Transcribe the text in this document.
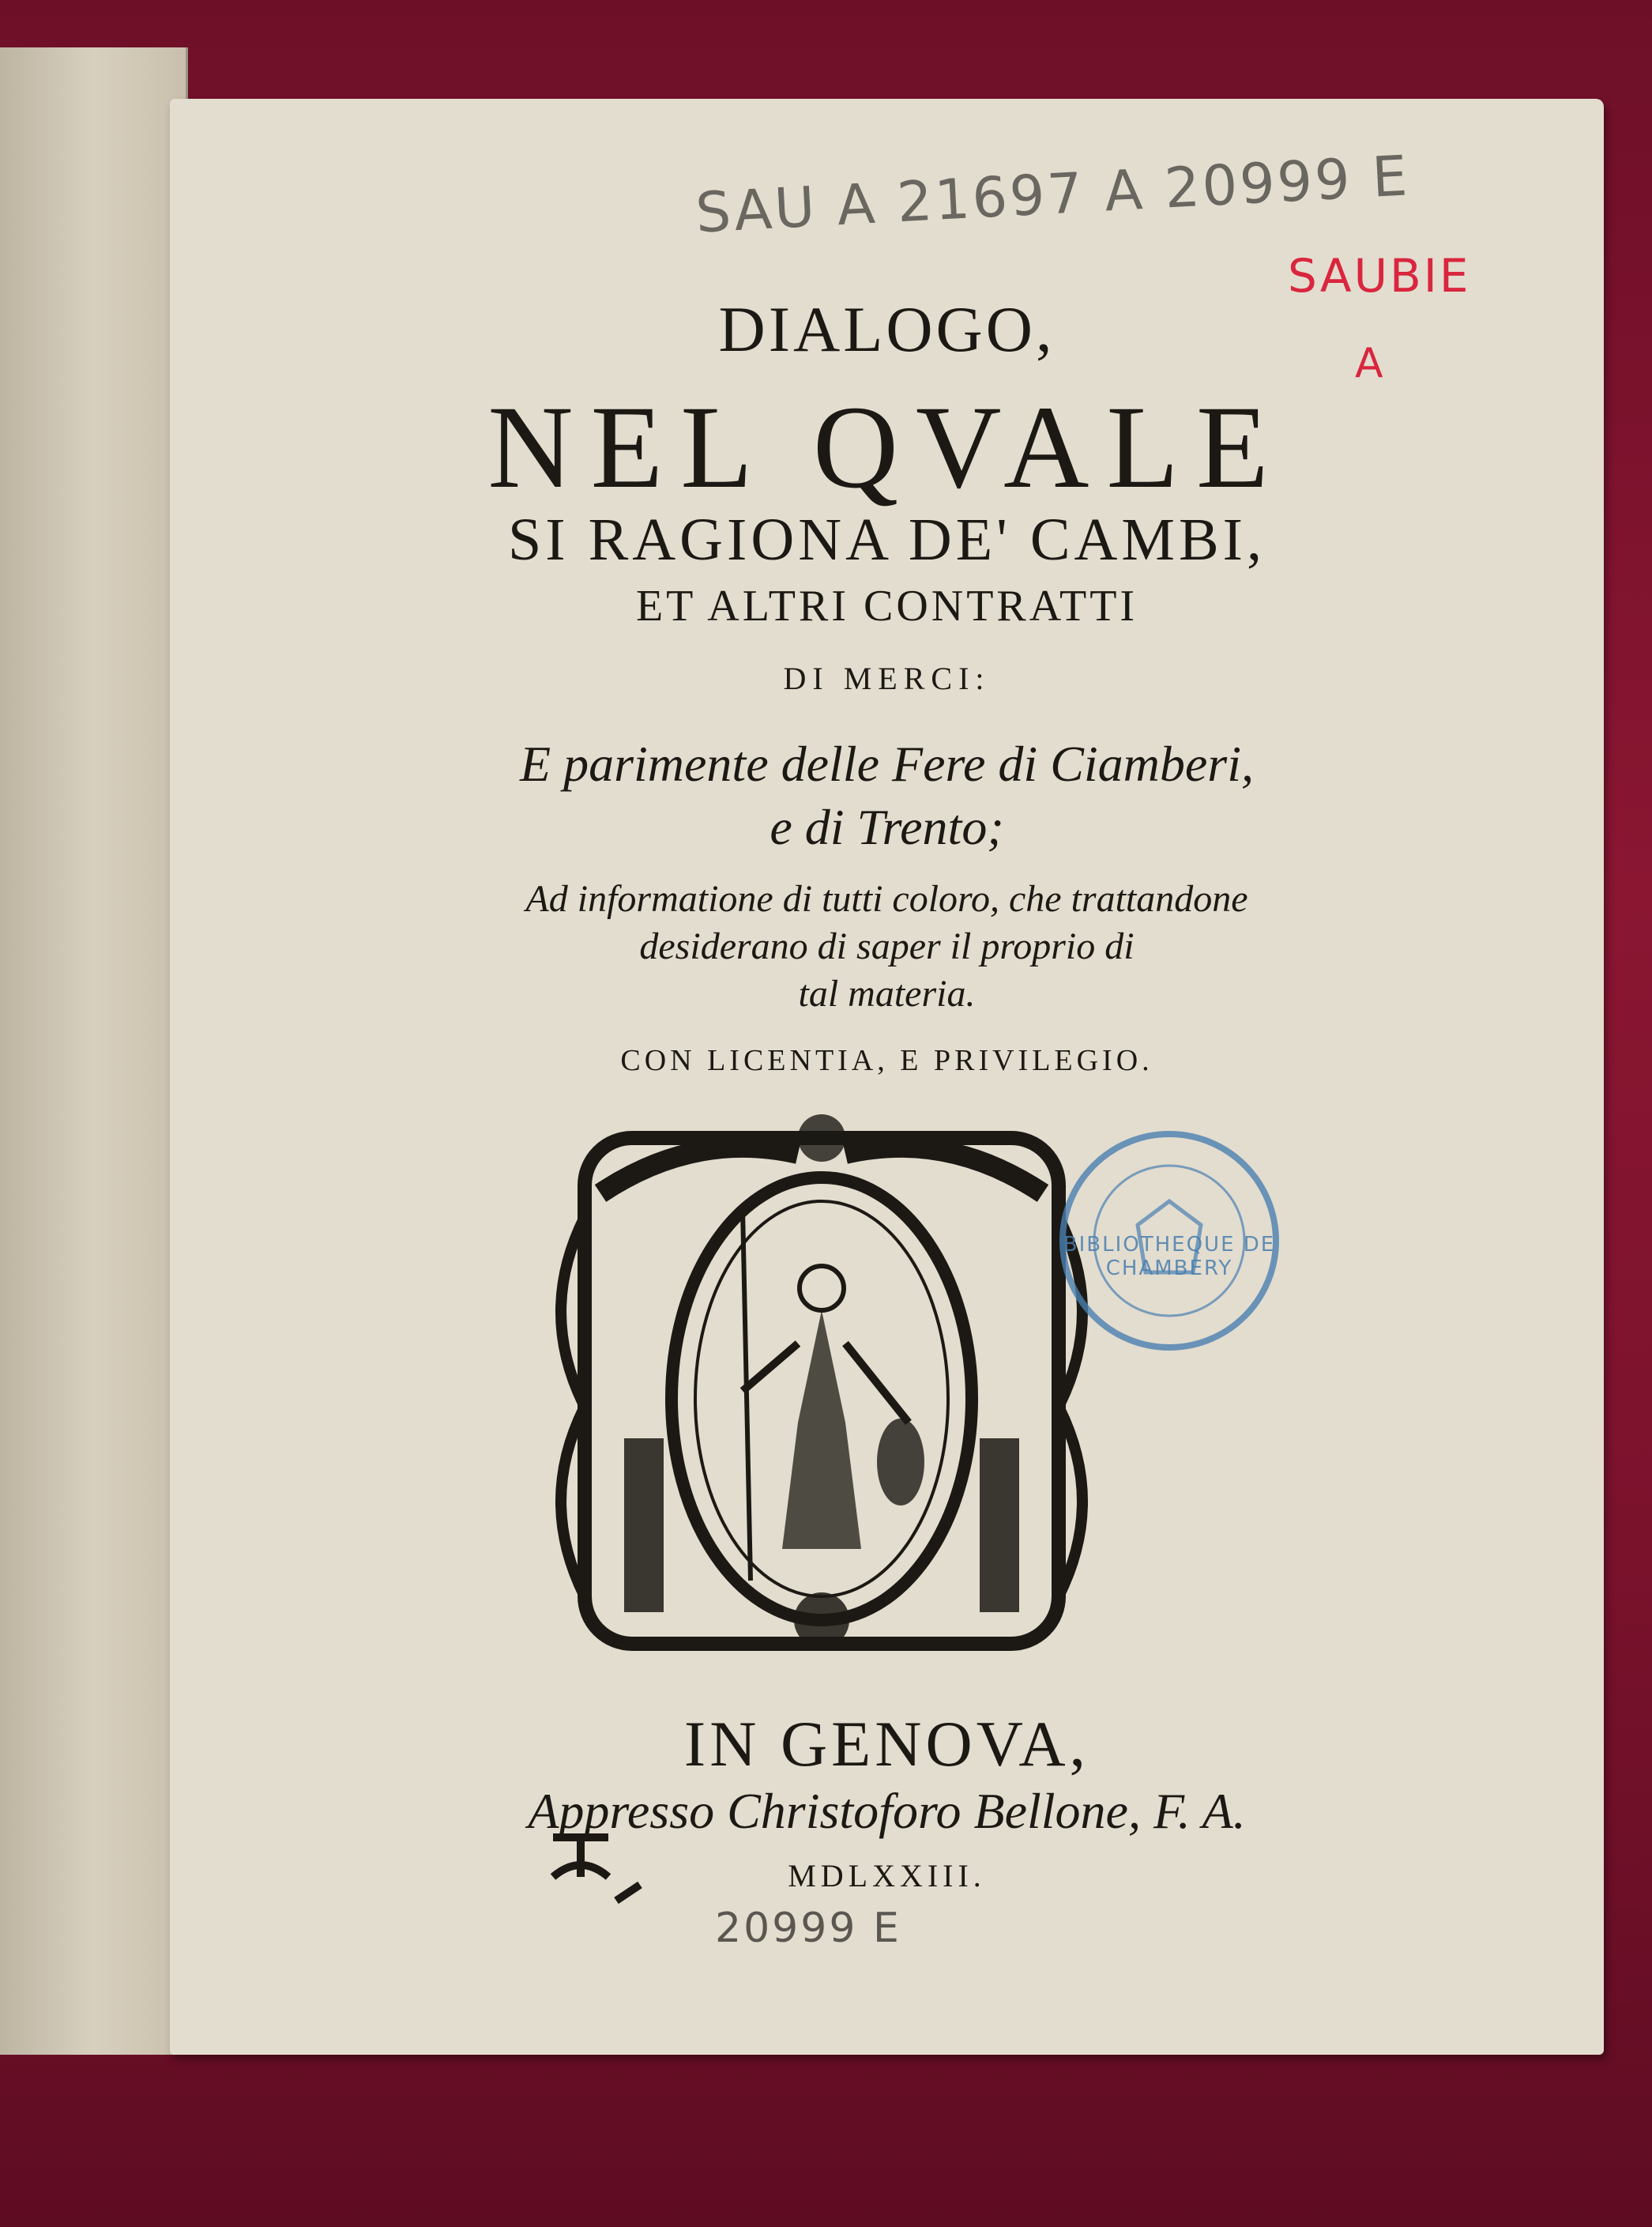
SAU A 21697 A 20999 E
SAUBIE
A
DIALOGO,
NEL QVALE
SI RAGIONA DE' CAMBI,
ET ALTRI CONTRATTI
DI MERCI:
E parimente delle Fere di Ciamberi,
e di Trento;
Ad informatione di tutti coloro, che trattandone
desiderano di saper il proprio di
tal materia.
CON LICENTIA, E PRIVILEGIO.
BIBLIOTHEQUE DE CHAMBERY
IN GENOVA,
Appresso Christoforo Bellone, F. A.
MDLXXIII.
20999 E
